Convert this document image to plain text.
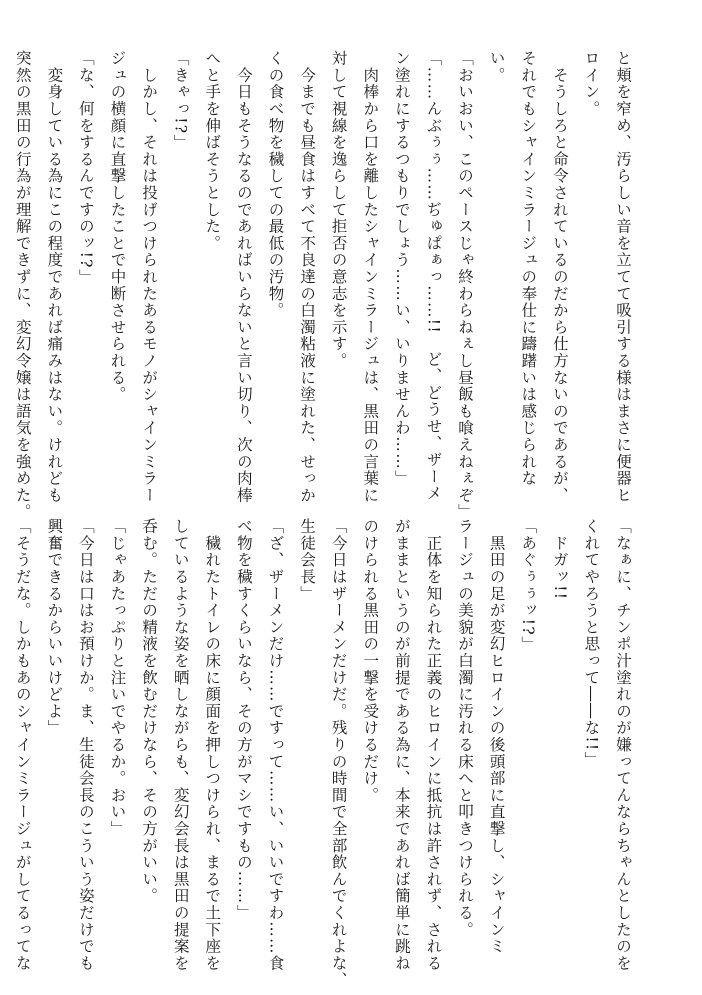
と頬を窄め、汚らしい音を立てて吸引する様はまさに便器ヒ
ロイン。
　そうしろと命令されているのだから仕方ないのであるが、
それでもシャインミラージュの奉仕に躊躇いは感じられな
い。
「おいおい、このペースじゃ終わらねぇし昼飯も喰えねぇぞ」
「……んぶぅぅ……ぢゅぱぁっ……!!　ど、どうせ、ザーメ
ン塗れにするつもりでしょう……い、いりませんわ……」
　肉棒から口を離したシャインミラージュは、黒田の言葉に
対して視線を逸らして拒否の意志を示す。
　今までも昼食はすべて不良達の白濁粘液に塗れた、せっか
くの食べ物を穢しての最低の汚物。
　今日もそうなるのであればいらないと言い切り、次の肉棒
へと手を伸ばそうとした。
「きゃっ!?」
　しかし、それは投げつけられたあるモノがシャインミラー
ジュの横顔に直撃したことで中断させられる。
「な、何をするんですのッ!?」
　変身している為にこの程度であれば痛みはない。けれども
突然の黒田の行為が理解できずに、変幻令嬢は語気を強めた。
「なぁに、チンポ汁塗れのが嫌ってんならちゃんとしたのを
くれてやろうと思って――な!!」
　ドガッ!!
「あぐぅぅッ!?」
　黒田の足が変幻ヒロインの後頭部に直撃し、シャインミ
ラージュの美貌が白濁に汚れる床へと叩きつけられる。
　正体を知られた正義のヒロインに抵抗は許されず、される
がままというのが前提である為に、本来であれば簡単に跳ね
のけられる黒田の一撃を受けるだけ。
「今日はザーメンだけだ。残りの時間で全部飲んでくれよな、
生徒会長」
「ざ、ザーメンだけ……ですって……い、いいですわ……食
べ物を穢すくらいなら、その方がマシですもの……」
　穢れたトイレの床に顔面を押しつけられ、まるで土下座を
しているような姿を晒しながらも、変幻会長は黒田の提案を
呑む。ただの精液を飲むだけなら、その方がいい。
「じゃあたっぷりと注いでやるか。おい」
「今日は口はお預けか。ま、生徒会長のこういう姿だけでも
興奮できるからいいけどよ」
「そうだな。しかもあのシャインミラージュがしてるってな
